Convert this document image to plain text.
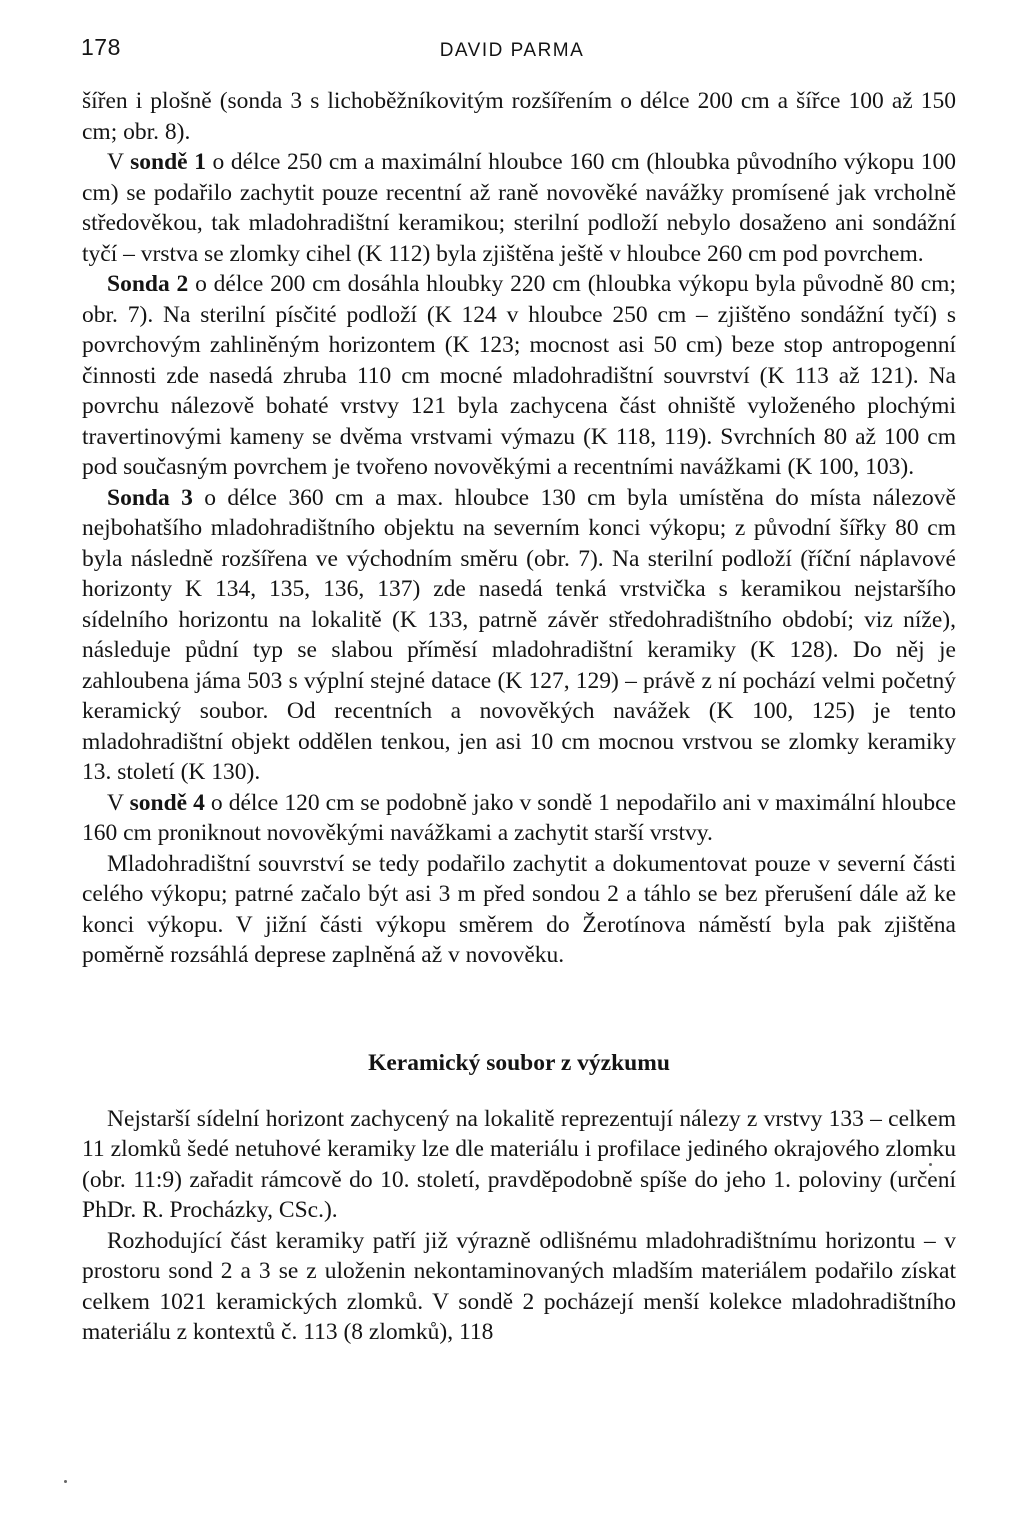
178	DAVID PARMA

šířen i plošně (sonda 3 s lichoběžníkovitým rozšířením o délce 200 cm a šířce 100 až 150 cm; obr. 8).

V sondě 1 o délce 250 cm a maximální hloubce 160 cm (hloubka původního výkopu 100 cm) se podařilo zachytit pouze recentní až raně novověké navážky promísené jak vrcholně středověkou, tak mladohradištní keramikou; sterilní podloží nebylo dosaženo ani sondážní tyčí – vrstva se zlomky cihel (K 112) byla zjištěna ještě v hloubce 260 cm pod povrchem.

Sonda 2 o délce 200 cm dosáhla hloubky 220 cm (hloubka výkopu byla původně 80 cm; obr. 7). Na sterilní písčité podloží (K 124 v hloubce 250 cm – zjištěno sondážní tyčí) s povrchovým zahliněným horizontem (K 123; mocnost asi 50 cm) beze stop antropogenní činnosti zde nasedá zhruba 110 cm mocné mladohradištní souvrství (K 113 až 121). Na povrchu nálezově bohaté vrstvy 121 byla zachycena část ohniště vyloženého plochými travertinovými kameny se dvěma vrstvami výmazu (K 118, 119). Svrchních 80 až 100 cm pod současným povrchem je tvořeno novověkými a recentními navážkami (K 100, 103).

Sonda 3 o délce 360 cm a max. hloubce 130 cm byla umístěna do místa nálezově nejbohatšího mladohradištního objektu na severním konci výkopu; z původní šířky 80 cm byla následně rozšířena ve východním směru (obr. 7). Na sterilní podloží (říční náplavové horizonty K 134, 135, 136, 137) zde nasedá tenká vrstvička s keramikou nejstaršího sídelního horizontu na lokalitě (K 133, patrně závěr středohradištního období; viz níže), následuje půdní typ se slabou příměsí mladohradištní keramiky (K 128). Do něj je zahloubena jáma 503 s výplní stejné datace (K 127, 129) – právě z ní pochází velmi početný keramický soubor. Od recentních a novověkých navážek (K 100, 125) je tento mladohradištní objekt oddělen tenkou, jen asi 10 cm mocnou vrstvou se zlomky keramiky 13. století (K 130).

V sondě 4 o délce 120 cm se podobně jako v sondě 1 nepodařilo ani v maximální hloubce 160 cm proniknout novověkými navážkami a zachytit starší vrstvy.

Mladohradištní souvrství se tedy podařilo zachytit a dokumentovat pouze v severní části celého výkopu; patrné začalo být asi 3 m před sondou 2 a táhlo se bez přerušení dále až ke konci výkopu. V jižní části výkopu směrem do Žerotínova náměstí byla pak zjištěna poměrně rozsáhlá deprese zaplněná až v novověku.

Keramický soubor z výzkumu

Nejstarší sídelní horizont zachycený na lokalitě reprezentují nálezy z vrstvy 133 – celkem 11 zlomků šedé netuhové keramiky lze dle materiálu i profilace jediného okrajového zlomku (obr. 11:9) zařadit rámcově do 10. století, pravděpodobně spíše do jeho 1. poloviny (určení PhDr. R. Procházky, CSc.).

Rozhodující část keramiky patří již výrazně odlišnému mladohradištnímu horizontu – v prostoru sond 2 a 3 se z uloženin nekontaminovaných mladším materiálem podařilo získat celkem 1021 keramických zlomků. V sondě 2 pocházejí menší kolekce mladohradištního materiálu z kontextů č. 113 (8 zlomků), 118
